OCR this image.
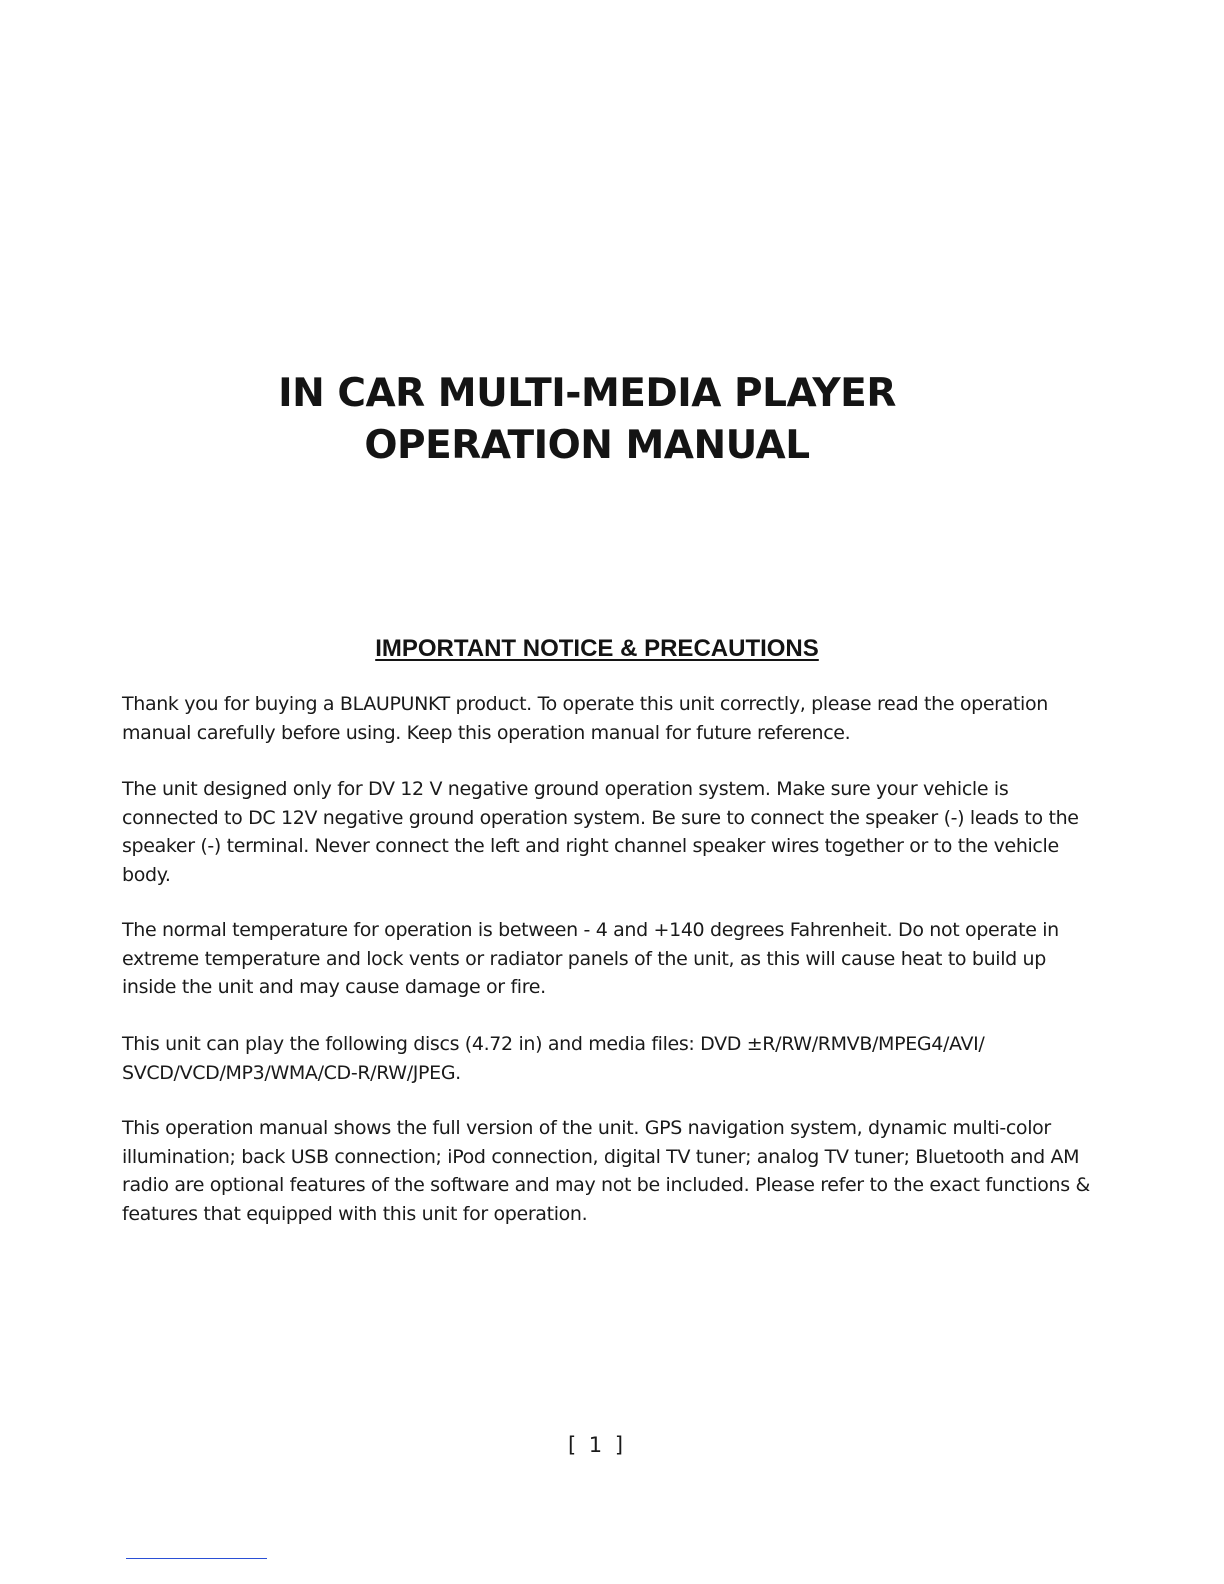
IN CAR MULTI-MEDIA PLAYER
OPERATION MANUAL
IMPORTANT NOTICE & PRECAUTIONS

Thank you for buying a BLAUPUNKT product. To operate this unit correctly, please read the operation manual carefully before using. Keep this operation manual for future reference.

The unit designed only for DV 12 V negative ground operation system. Make sure your vehicle is connected to DC 12V negative ground operation system. Be sure to connect the speaker (-) leads to the speaker (-) terminal. Never connect the left and right channel speaker wires together or to the vehicle body.

The normal temperature for operation is between - 4 and +140 degrees Fahrenheit. Do not operate in extreme temperature and lock vents or radiator panels of the unit, as this will cause heat to build up inside the unit and may cause damage or fire.

This unit can play the following discs (4.72 in) and media files: DVD ±R/RW/RMVB/MPEG4/AVI/ SVCD/VCD/MP3/WMA/CD-R/RW/JPEG.

This operation manual shows the full version of the unit. GPS navigation system, dynamic multi-color illumination; back USB connection; iPod connection, digital TV tuner; analog TV tuner; Bluetooth and AM radio are optional features of the software and may not be included. Please refer to the exact functions & features that equipped with this unit for operation.

[ 1 ]
